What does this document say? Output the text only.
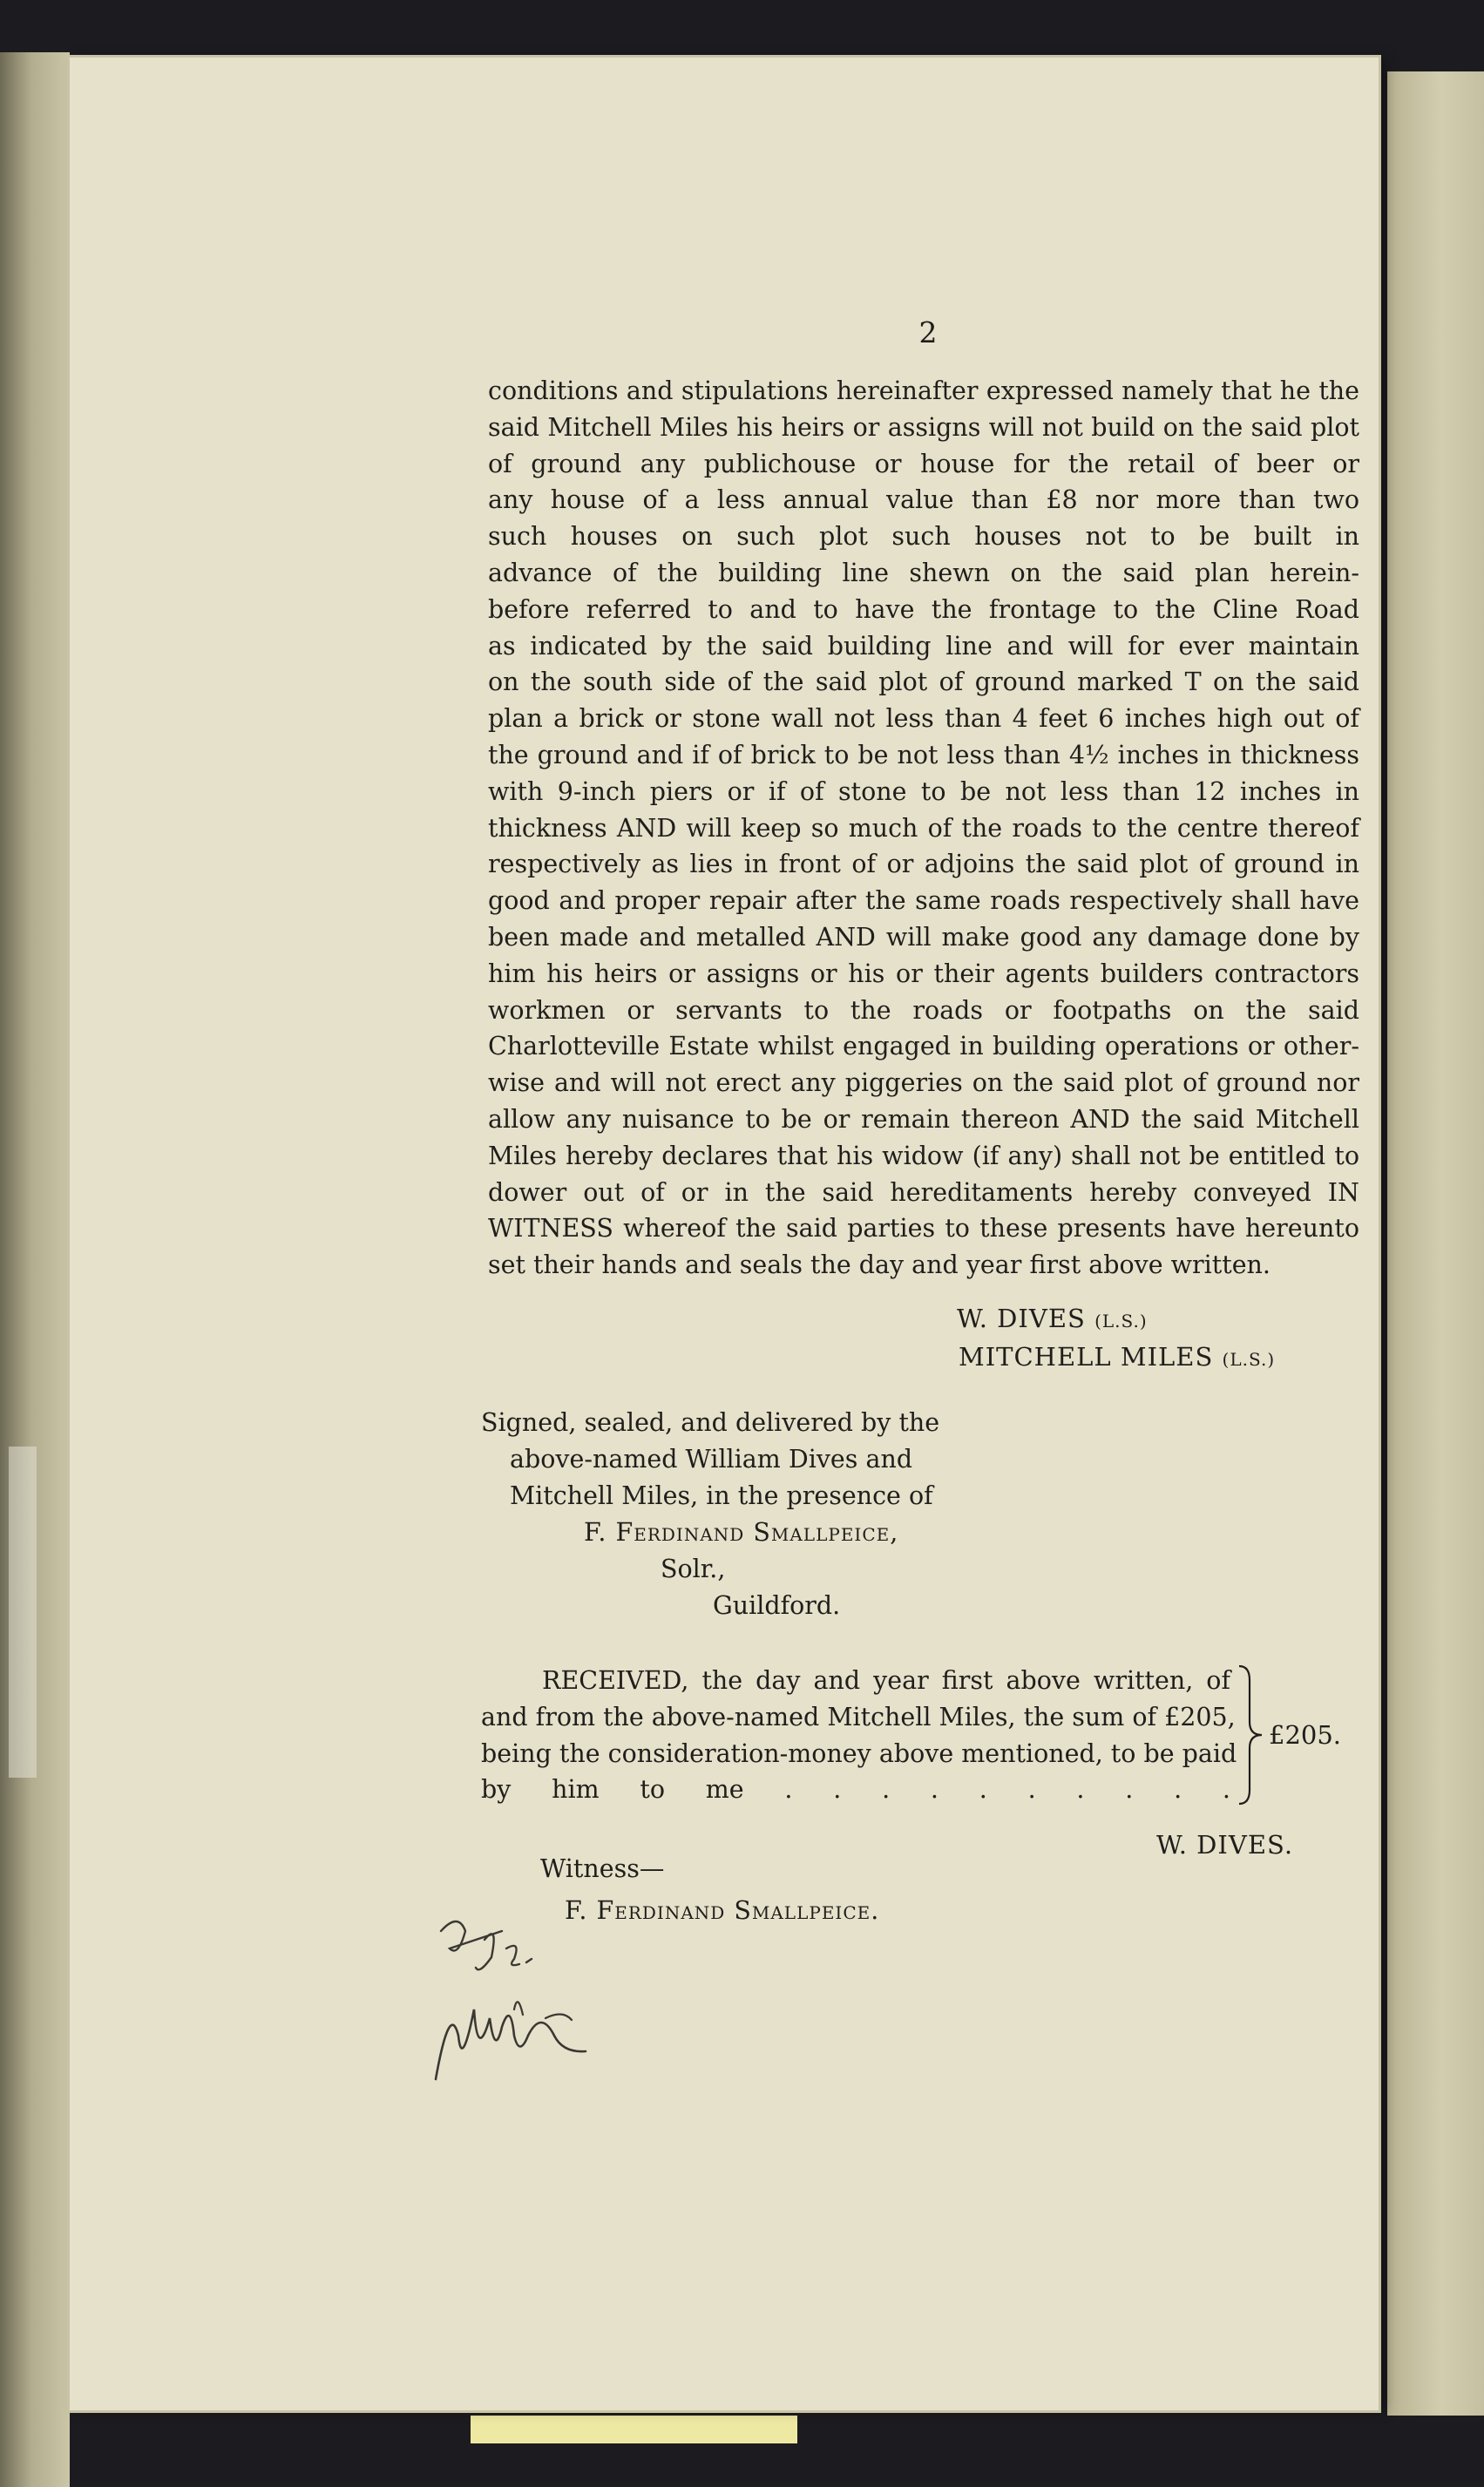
2
conditions and stipulations hereinafter expressed namely that he the
said Mitchell Miles his heirs or assigns will not build on the said plot
of ground any publichouse or house for the retail of beer or
any house of a less annual value than £8 nor more than two
such houses on such plot such houses not to be built in
advance of the building line shewn on the said plan herein-
before referred to and to have the frontage to the Cline Road
as indicated by the said building line and will for ever maintain
on the south side of the said plot of ground marked T on the said
plan a brick or stone wall not less than 4 feet 6 inches high out of
the ground and if of brick to be not less than 4½ inches in thickness
with 9-inch piers or if of stone to be not less than 12 inches in
thickness AND will keep so much of the roads to the centre thereof
respectively as lies in front of or adjoins the said plot of ground in
good and proper repair after the same roads respectively shall have
been made and metalled AND will make good any damage done by
him his heirs or assigns or his or their agents builders contractors
workmen or servants to the roads or footpaths on the said
Charlotteville Estate whilst engaged in building operations or other-
wise and will not erect any piggeries on the said plot of ground nor
allow any nuisance to be or remain thereon AND the said Mitchell
Miles hereby declares that his widow (if any) shall not be entitled to
dower out of or in the said hereditaments hereby conveyed IN
WITNESS whereof the said parties to these presents have hereunto
set their hands and seals the day and year first above written.
W. DIVES (L.S.)
MITCHELL MILES (L.S.)
Signed, sealed, and delivered by the
above-named William Dives and
Mitchell Miles, in the presence of
F. Ferdinand Smallpeice,
Solr.,
Guildford.
RECEIVED, the day and year first above written, of
and from the above-named Mitchell Miles, the sum of £205,
being the consideration-money above mentioned, to be paid
by him to me . . . . . . . . . .
£205.
W. DIVES.
Witness—
F. Ferdinand Smallpeice.
